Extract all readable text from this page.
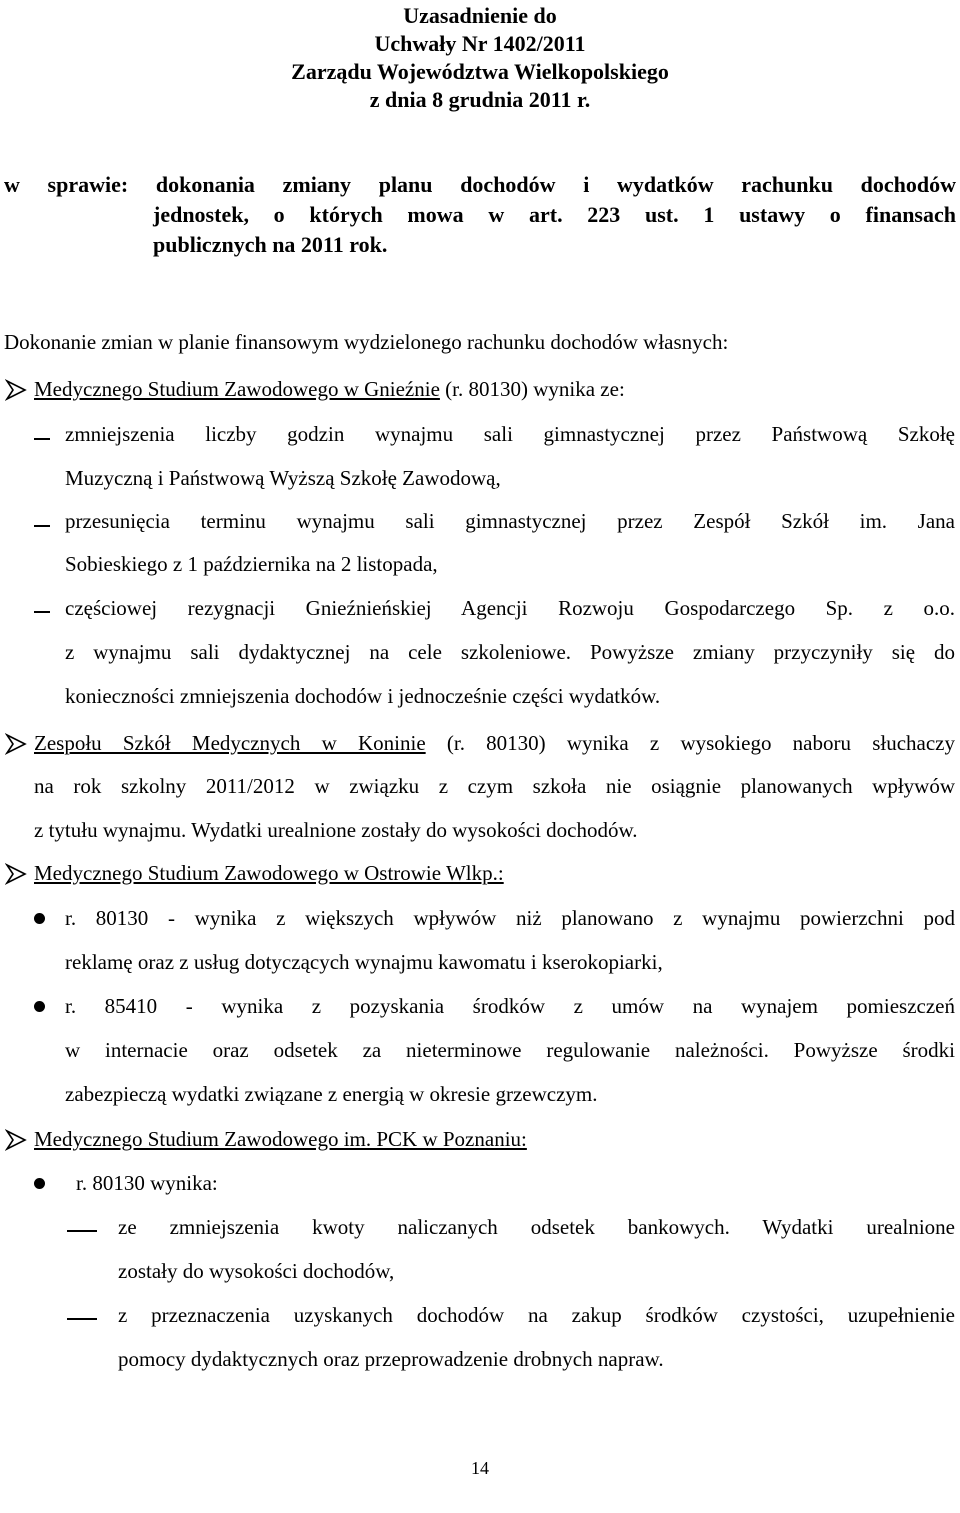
Uzasadnienie do
Uchwały Nr 1402/2011
Zarządu Województwa Wielkopolskiego
z dnia 8 grudnia 2011 r.
w sprawie: dokonania zmiany planu dochodów i wydatków rachunku dochodów
jednostek, o których mowa w art. 223 ust. 1 ustawy o finansach
publicznych na 2011 rok.
Dokonanie zmian w planie finansowym wydzielonego rachunku dochodów własnych:
Medycznego Studium Zawodowego w Gnieźnie (r. 80130) wynika ze:
zmniejszenia liczby godzin wynajmu sali gimnastycznej przez Państwową Szkołę
Muzyczną i Państwową Wyższą Szkołę Zawodową,
przesunięcia terminu wynajmu sali gimnastycznej przez Zespół Szkół im. Jana
Sobieskiego z 1 października na 2 listopada,
częściowej rezygnacji Gnieźnieńskiej Agencji Rozwoju Gospodarczego Sp. z o.o.
z wynajmu sali dydaktycznej na cele szkoleniowe. Powyższe zmiany przyczyniły się do
konieczności zmniejszenia dochodów i jednocześnie części wydatków.
Zespołu Szkół Medycznych w Koninie (r. 80130) wynika z wysokiego naboru słuchaczy
na rok szkolny 2011/2012 w związku z czym szkoła nie osiągnie planowanych wpływów
z tytułu wynajmu. Wydatki urealnione zostały do wysokości dochodów.
Medycznego Studium Zawodowego w Ostrowie Wlkp.:
r. 80130 - wynika z większych wpływów niż planowano z wynajmu powierzchni pod
reklamę oraz z usług dotyczących wynajmu kawomatu i kserokopiarki,
r. 85410 - wynika z pozyskania środków z umów na wynajem pomieszczeń
w internacie oraz odsetek za nieterminowe regulowanie należności. Powyższe środki
zabezpieczą wydatki związane z energią w okresie grzewczym.
Medycznego Studium Zawodowego im. PCK w Poznaniu:
r. 80130 wynika:
ze zmniejszenia kwoty naliczanych odsetek bankowych. Wydatki urealnione
zostały do wysokości dochodów,
z przeznaczenia uzyskanych dochodów na zakup środków czystości, uzupełnienie
pomocy dydaktycznych oraz przeprowadzenie drobnych napraw.
14
